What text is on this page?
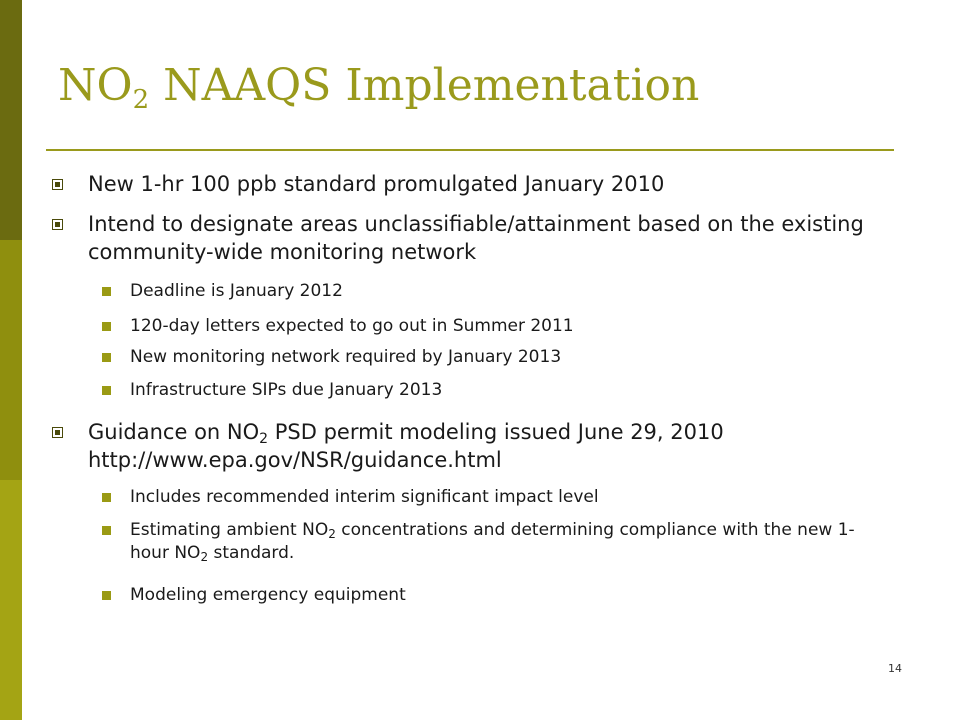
$NO_2$ NAAQS Implementation
New 1-hr 100 ppb standard promulgated January 2010
Intend to designate areas unclassifiable/attainment based on the existing community-wide monitoring network
Deadline is January 2012
120-day letters expected to go out in Summer 2011
New monitoring network required by January 2013
Infrastructure SIPs due January 2013
Guidance on $NO_2$ PSD permit modeling issued June 29, 2010
http://www.epa.gov/NSR/guidance.html
Includes recommended interim significant impact level
Estimating ambient $NO_2$ concentrations and determining compliance with the new 1-hour $NO_2$ standard.
Modeling emergency equipment
14
